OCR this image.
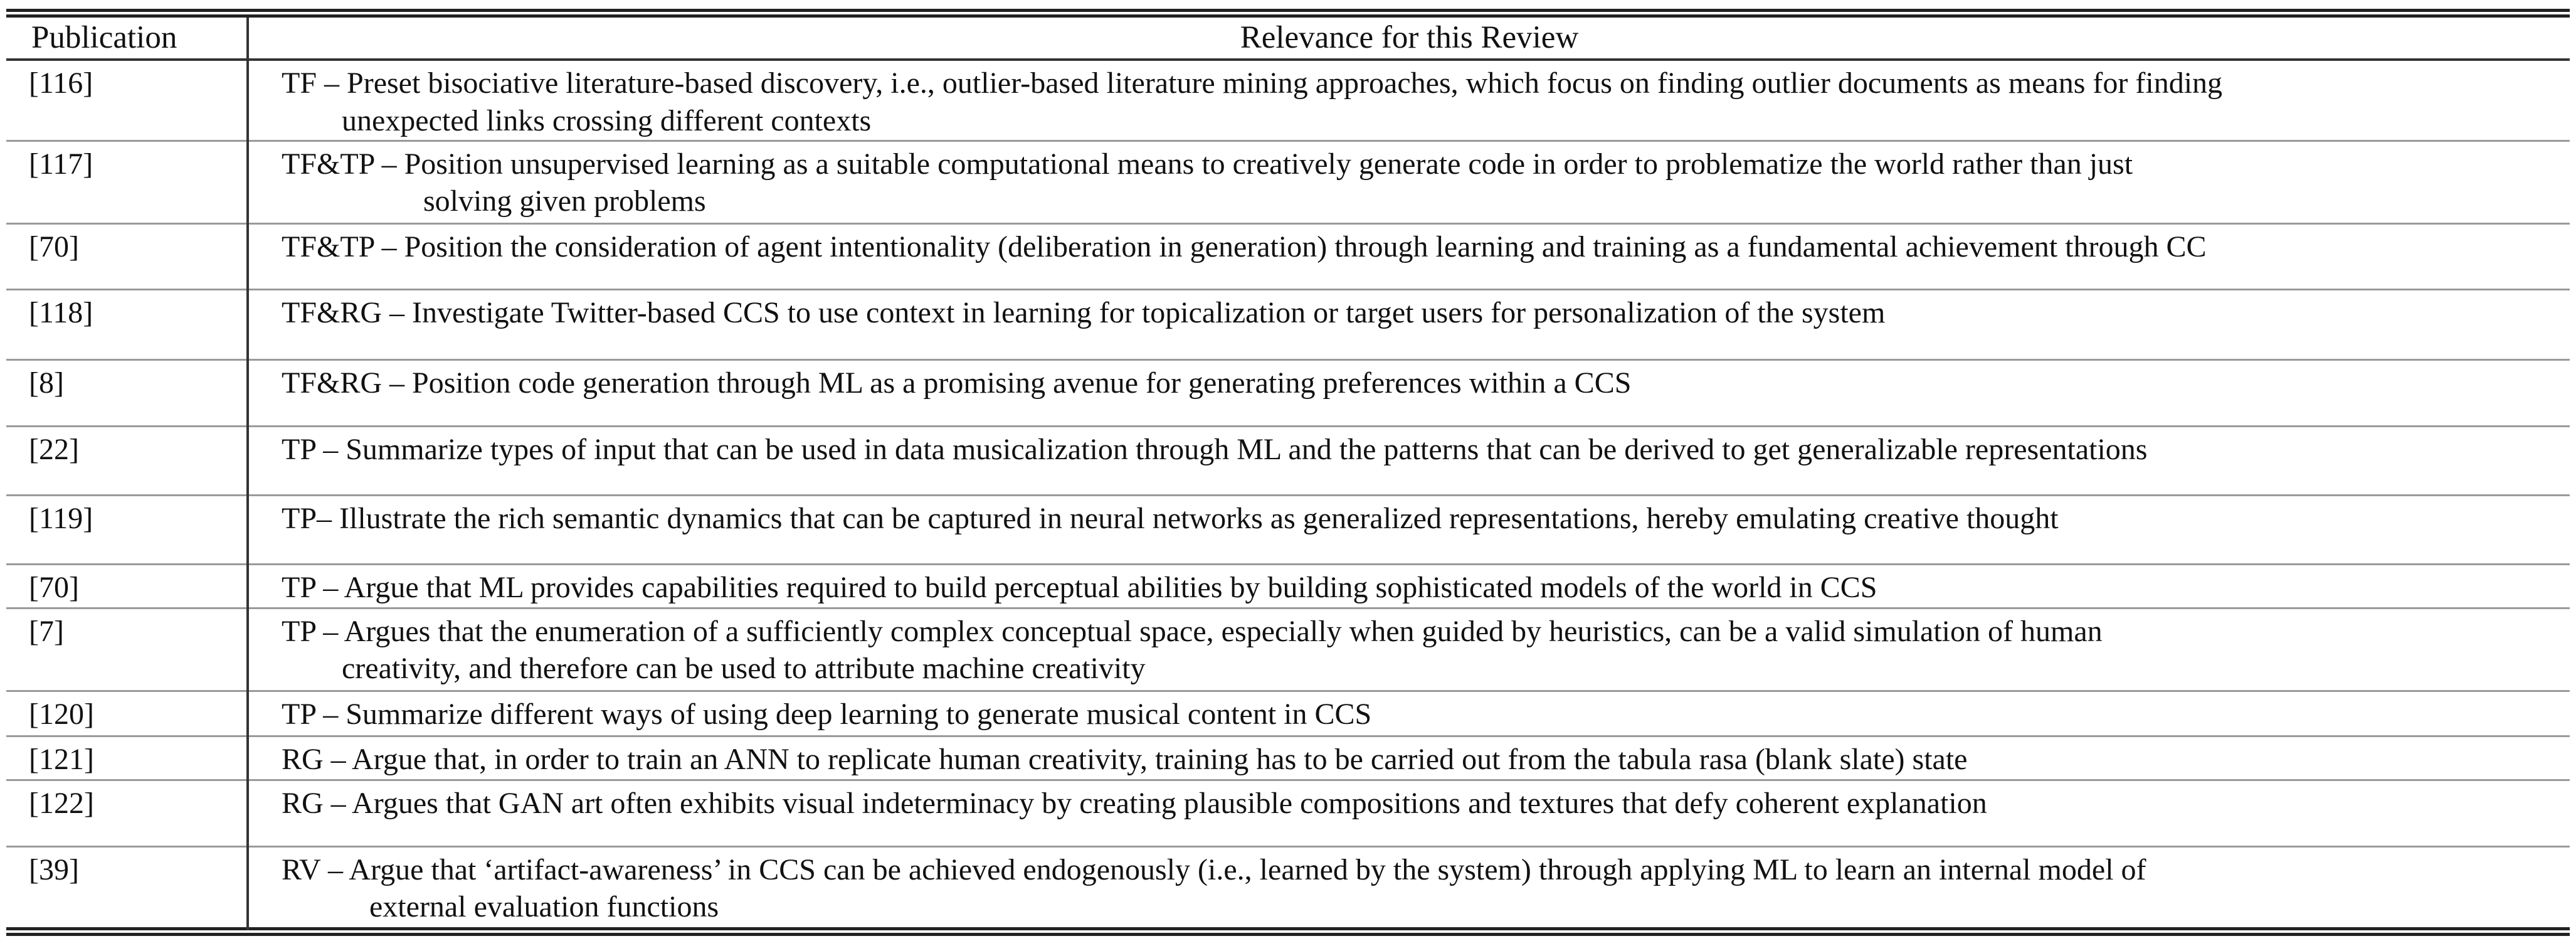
Publication	Relevance for this Review
[116]	TF – Preset bisociative literature-based discovery, i.e., outlier-based literature mining approaches, which focus on finding outlier documents as means for finding
unexpected links crossing different contexts

[117]	TF&TP – Position unsupervised learning as a suitable computational means to creatively generate code in order to problematize the world rather than just
solving given problems

[70]	TF&TP – Position the consideration of agent intentionality (deliberation in generation) through learning and training as a fundamental achievement through CC
[118]	TF&RG – Investigate Twitter-based CCS to use context in learning for topicalization or target users for personalization of the system
[8]	TF&RG – Position code generation through ML as a promising avenue for generating preferences within a CCS
[22]	TP – Summarize types of input that can be used in data musicalization through ML and the patterns that can be derived to get generalizable representations
[119]	TP– Illustrate the rich semantic dynamics that can be captured in neural networks as generalized representations, hereby emulating creative thought
[70]	TP – Argue that ML provides capabilities required to build perceptual abilities by building sophisticated models of the world in CCS
[7]	TP – Argues that the enumeration of a sufficiently complex conceptual space, especially when guided by heuristics, can be a valid simulation of human
creativity, and therefore can be used to attribute machine creativity

[120]	TP – Summarize different ways of using deep learning to generate musical content in CCS
[121]	RG – Argue that, in order to train an ANN to replicate human creativity, training has to be carried out from the tabula rasa (blank slate) state
[122]	RG – Argues that GAN art often exhibits visual indeterminacy by creating plausible compositions and textures that defy coherent explanation
[39]	RV – Argue that ‘artifact-awareness’ in CCS can be achieved endogenously (i.e., learned by the system) through applying ML to learn an internal model of
external evaluation functions
